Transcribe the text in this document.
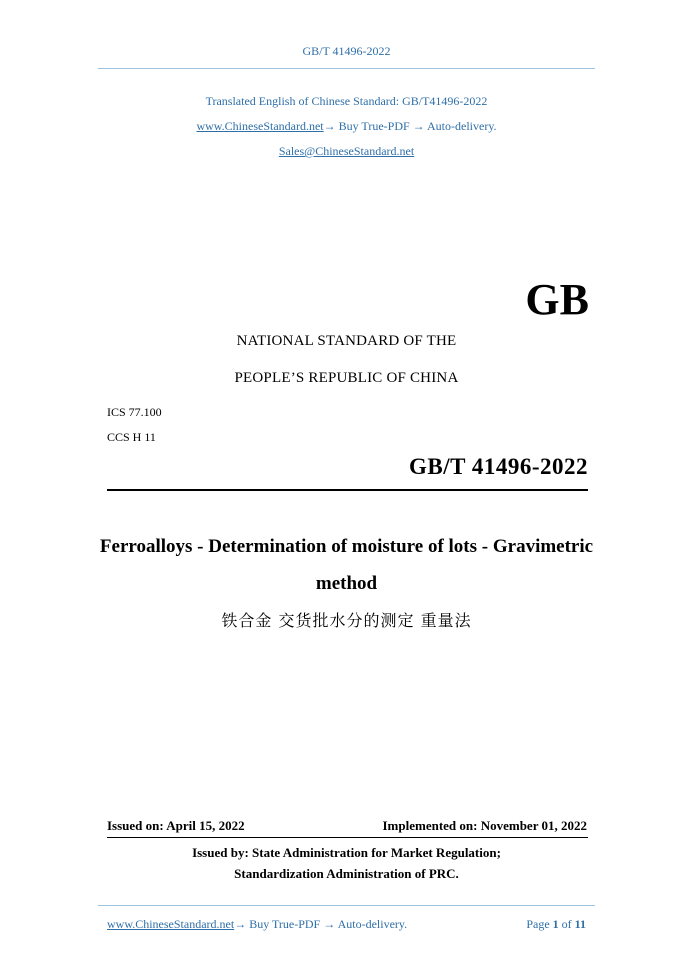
GB/T 41496-2022
Translated English of Chinese Standard: GB/T41496-2022
www.ChineseStandard.net→ Buy True-PDF → Auto-delivery.
Sales@ChineseStandard.net
GB
NATIONAL STANDARD OF THE
PEOPLE’S REPUBLIC OF CHINA
ICS 77.100
CCS H 11
GB/T 41496-2022
Ferroalloys - Determination of moisture of lots - Gravimetric
method
铁合金 交货批水分的测定 重量法
Issued on: April 15, 2022	Implemented on: November 01, 2022
Issued by: State Administration for Market Regulation;
Standardization Administration of PRC.
www.ChineseStandard.net→ Buy True-PDF → Auto-delivery.	Page 1 of 11
